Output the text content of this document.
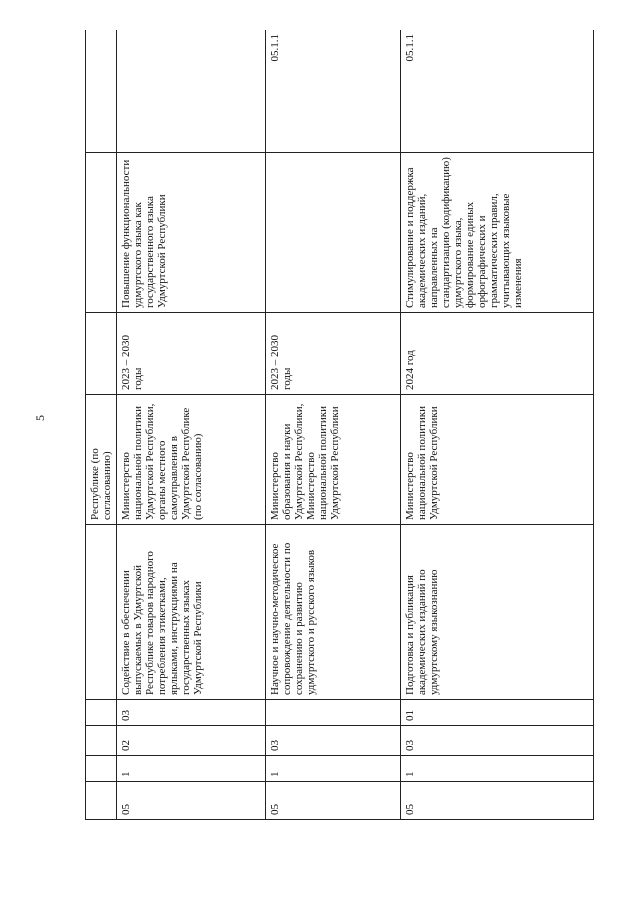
5
					Республике (по согласованию)			
05	1	02	03	Содействие в обеспечении выпускаемых в Удмуртской Республике товаров народного потребления этикетками, ярлыками, инструкциями на государственных языках Удмуртской Республики	Министерство национальной политики Удмуртской Республики, органы местного самоуправления в Удмуртской Республике (по согласованию)	2023 – 2030 годы	Повышение функциональности удмуртского языка как государственного языка Удмуртской Республики	
05	1	03		Научное и научно-методическое сопровождение деятельности по сохранению и развитию удмуртского и русского языков	Министерство образования и науки Удмуртской Республики, Министерство национальной политики Удмуртской Республики	2023 – 2030 годы		05.1.1
05	1	03	01	Подготовка и публикация академических изданий по удмуртскому языкознанию	Министерство национальной политики Удмуртской Республики	2024 год	Стимулирование и поддержка академических изданий, направленных на стандартизацию (кодификацию) удмуртского языка, формирование единых орфографических и грамматических правил, учитывающих языковые изменения	05.1.1
